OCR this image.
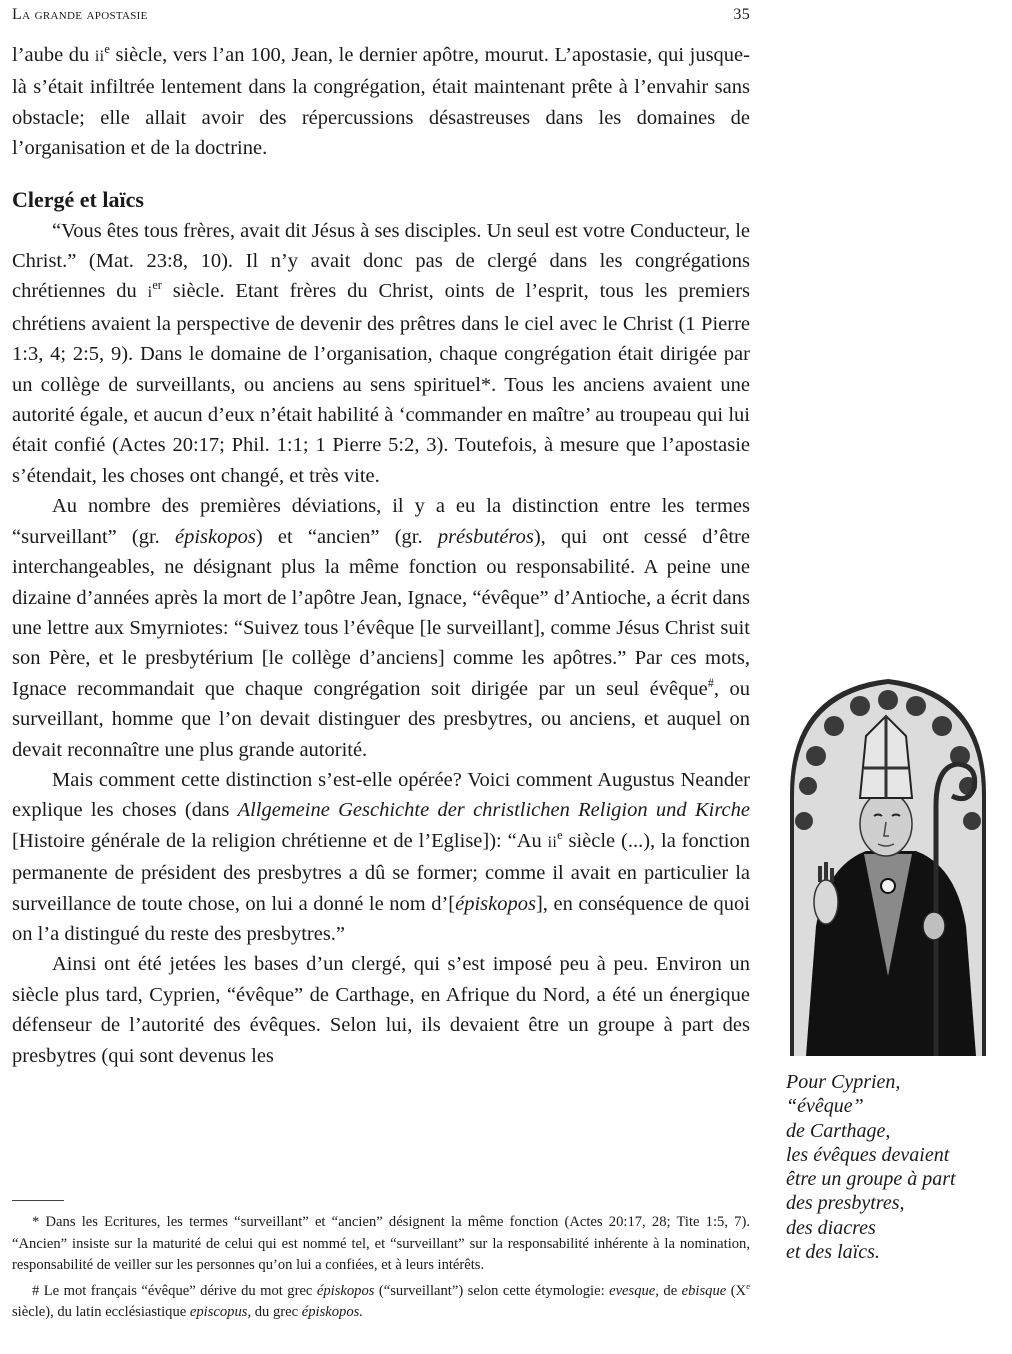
La grande apostasie	35

l’aube du $ii^e$ siècle, vers l’an 100, Jean, le dernier apôtre, mourut. L’apostasie, qui jusque-là s’était infiltrée lentement dans la congrégation, était maintenant prête à l’envahir sans obstacle; elle allait avoir des répercussions désastreuses dans les domaines de l’organisation et de la doctrine.

Clergé et laïcs

“Vous êtes tous frères, avait dit Jésus à ses disciples. Un seul est votre Conducteur, le Christ.” (Mat. 23:8, 10). Il n’y avait donc pas de clergé dans les congrégations chrétiennes du $i^{er}$ siècle. Etant frères du Christ, oints de l’esprit, tous les premiers chrétiens avaient la perspective de devenir des prêtres dans le ciel avec le Christ (1 Pierre 1:3, 4; 2:5, 9). Dans le domaine de l’organisation, chaque congrégation était dirigée par un collège de surveillants, ou anciens au sens spirituel*. Tous les anciens avaient une autorité égale, et aucun d’eux n’était habilité à ‘commander en maître’ au troupeau qui lui était confié (Actes 20:17; Phil. 1:1; 1 Pierre 5:2, 3). Toutefois, à mesure que l’apostasie s’étendait, les choses ont changé, et très vite.

Au nombre des premières déviations, il y a eu la distinction entre les termes “surveillant” (gr. épiskopos) et “ancien” (gr. présbutéros), qui ont cessé d’être interchangeables, ne désignant plus la même fonction ou responsabilité. A peine une dizaine d’années après la mort de l’apôtre Jean, Ignace, “évêque” d’Antioche, a écrit dans une lettre aux Smyrniotes: “Suivez tous l’évêque [le surveillant], comme Jésus Christ suit son Père, et le presbytérium [le collège d’anciens] comme les apôtres.” Par ces mots, Ignace recommandait que chaque congrégation soit dirigée par un seul évêque#, ou surveillant, homme que l’on devait distinguer des presbytres, ou anciens, et auquel on devait reconnaître une plus grande autorité.

Mais comment cette distinction s’est-elle opérée? Voici comment Augustus Neander explique les choses (dans Allgemeine Geschichte der christlichen Religion und Kirche [Histoire générale de la religion chrétienne et de l’Eglise]): “Au $ii^e$ siècle (...), la fonction permanente de président des presbytres a dû se former; comme il avait en particulier la surveillance de toute chose, on lui a donné le nom d’[épiskopos], en conséquence de quoi on l’a distingué du reste des presbytres.”

Ainsi ont été jetées les bases d’un clergé, qui s’est imposé peu à peu. Environ un siècle plus tard, Cyprien, “évêque” de Carthage, en Afrique du Nord, a été un énergique défenseur de l’autorité des évêques. Selon lui, ils devaient être un groupe à part des presbytres (qui sont devenus les

* Dans les Ecritures, les termes “surveillant” et “ancien” désignent la même fonction (Actes 20:17, 28; Tite 1:5, 7). “Ancien” insiste sur la maturité de celui qui est nommé tel, et “surveillant” sur la responsabilité inhérente à la nomination, responsabilité de veiller sur les personnes qu’on lui a confiées, et à leurs intérêts.

# Le mot français “évêque” dérive du mot grec épiskopos (“surveillant”) selon cette étymologie: evesque, de ebisque (Xe siècle), du latin ecclésiastique episcopus, du grec épiskopos.

Pour Cyprien,
“évêque”
de Carthage,
les évêques devaient
être un groupe à part
des presbytres,
des diacres
et des laïcs.
